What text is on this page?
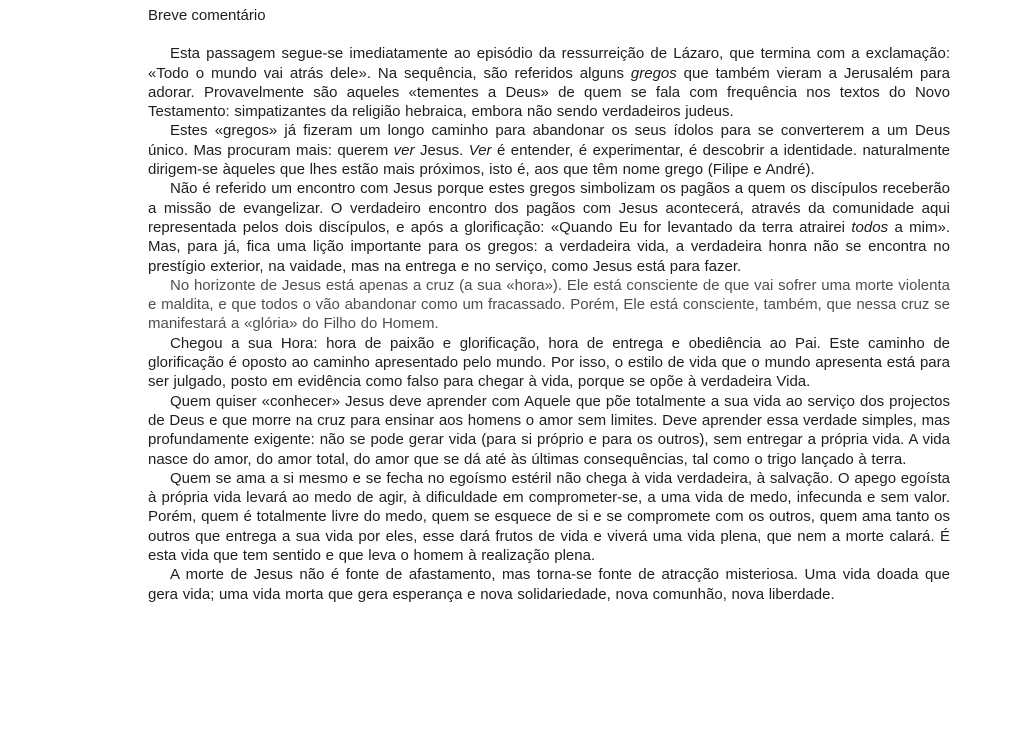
Breve comentário

Esta passagem segue-se imediatamente ao episódio da ressurreição de Lázaro, que termina com a exclamação: «Todo o mundo vai atrás dele». Na sequência, são referidos alguns gregos que também vieram a Jerusalém para adorar. Provavelmente são aqueles «tementes a Deus» de quem se fala com frequência nos textos do Novo Testamento: simpatizantes da religião hebraica, embora não sendo verdadeiros judeus.

Estes «gregos» já fizeram um longo caminho para abandonar os seus ídolos para se converterem a um Deus único. Mas procuram mais: querem ver Jesus. Ver é entender, é experimentar, é descobrir a identidade. naturalmente dirigem-se àqueles que lhes estão mais próximos, isto é, aos que têm nome grego (Filipe e André).

Não é referido um encontro com Jesus porque estes gregos simbolizam os pagãos a quem os discípulos receberão a missão de evangelizar. O verdadeiro encontro dos pagãos com Jesus acontecerá, através da comunidade aqui representada pelos dois discípulos, e após a glorificação: «Quando Eu for levantado da terra atrairei todos a mim». Mas, para já, fica uma lição importante para os gregos: a verdadeira vida, a verdadeira honra não se encontra no prestígio exterior, na vaidade, mas na entrega e no serviço, como Jesus está para fazer.

No horizonte de Jesus está apenas a cruz (a sua «hora»). Ele está consciente de que vai sofrer uma morte violenta e maldita, e que todos o vão abandonar como um fracassado. Porém, Ele está consciente, também, que nessa cruz se manifestará a «glória» do Filho do Homem.

Chegou a sua Hora: hora de paixão e glorificação, hora de entrega e obediência ao Pai. Este caminho de glorificação é oposto ao caminho apresentado pelo mundo. Por isso, o estilo de vida que o mundo apresenta está para ser julgado, posto em evidência como falso para chegar à vida, porque se opõe à verdadeira Vida.

Quem quiser «conhecer» Jesus deve aprender com Aquele que põe totalmente a sua vida ao serviço dos projectos de Deus e que morre na cruz para ensinar aos homens o amor sem limites. Deve aprender essa verdade simples, mas profundamente exigente: não se pode gerar vida (para si próprio e para os outros), sem entregar a própria vida. A vida nasce do amor, do amor total, do amor que se dá até às últimas consequências, tal como o trigo lançado à terra.

Quem se ama a si mesmo e se fecha no egoísmo estéril não chega à vida verdadeira, à salvação. O apego egoísta à própria vida levará ao medo de agir, à dificuldade em comprometer-se, a uma vida de medo, infecunda e sem valor. Porém, quem é totalmente livre do medo, quem se esquece de si e se compromete com os outros, quem ama tanto os outros que entrega a sua vida por eles, esse dará frutos de vida e viverá uma vida plena, que nem a morte calará. É esta vida que tem sentido e que leva o homem à realização plena.

A morte de Jesus não é fonte de afastamento, mas torna-se fonte de atracção misteriosa. Uma vida doada que gera vida; uma vida morta que gera esperança e nova solidariedade, nova comunhão, nova liberdade.
